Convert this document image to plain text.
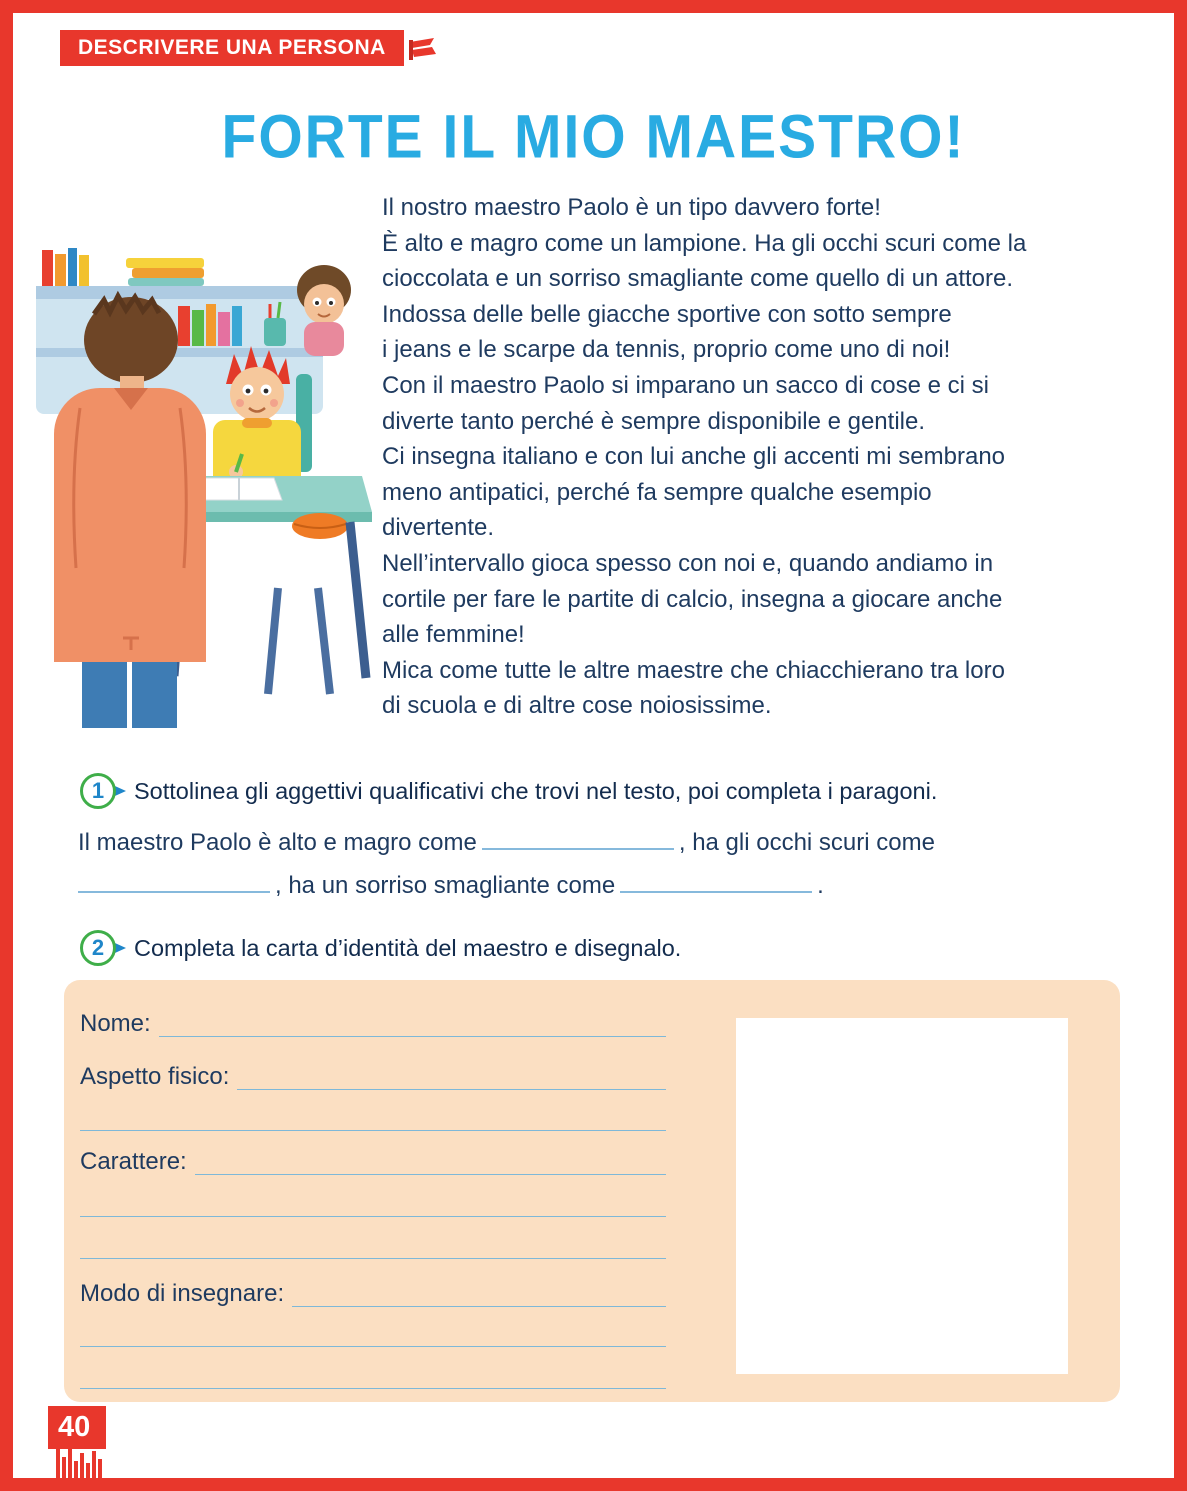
DESCRIVERE UNA PERSONA
FORTE IL MIO MAESTRO!
Il nostro maestro Paolo è un tipo davvero forte!
È alto e magro come un lampione. Ha gli occhi scuri come la
cioccolata e un sorriso smagliante come quello di un attore.
Indossa delle belle giacche sportive con sotto sempre
i jeans e le scarpe da tennis, proprio come uno di noi!
Con il maestro Paolo si imparano un sacco di cose e ci si
diverte tanto perché è sempre disponibile e gentile.
Ci insegna italiano e con lui anche gli accenti mi sembrano
meno antipatici, perché fa sempre qualche esempio
divertente.
Nell’intervallo gioca spesso con noi e, quando andiamo in
cortile per fare le partite di calcio, insegna a giocare anche
alle femmine!
Mica come tutte le altre maestre che chiacchierano tra loro
di scuola e di altre cose noiosissime.
1	Sottolinea gli aggettivi qualificativi che trovi nel testo, poi completa i paragoni.
Il maestro Paolo è alto e magro come	, ha gli occhi scuri come
, ha un sorriso smagliante come	.
2	Completa la carta d’identità del maestro e disegnalo.
Nome:
Aspetto fisico:
Carattere:
Modo di insegnare:
40
